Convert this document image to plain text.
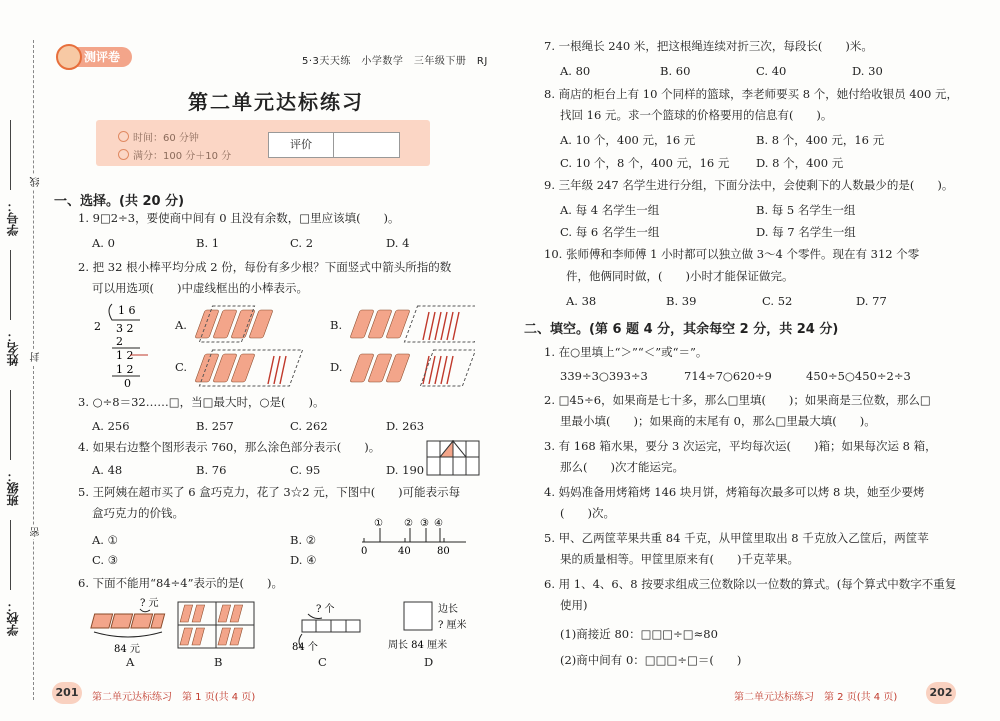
学号：
姓名：
班级：
学校：
线
封
密
测评卷	5·3天天练　小学数学　三年级下册　RJ
第二单元达标练习
时间：60 分钟
满分：100 分＋10 分
评价
一、选择。(共 20 分)
1. 9□2÷3，要使商中间有 0 且没有余数，□里应该填(　　)。
A. 0	B. 1	C. 2	D. 4
2. 把 32 根小棒平均分成 2 份，每份有多少根？下面竖式中箭头所指的数
可以用选项(　　)中虚线框出的小棒表示。
1 6
2 3 2
2
1 2
1 2
0
A.	B.
C.	D.
3. ○÷8＝32……□，当□最大时，○是(　　)。
A. 256	B. 257	C. 262	D. 263
4. 如果右边整个图形表示 760，那么涂色部分表示(　　)。
A. 48	B. 76	C. 95	D. 190
5. 王阿姨在超市买了 6 盒巧克力，花了 3☆2 元，下图中(　　)可能表示每
盒巧克力的价钱。
A. ①	B. ②
C. ③	D. ④
① ② ③ ④
0	40	80
6. 下面不能用“84÷4”表示的是(　　)。
? 元
84 元
? 个
84 个
边长
? 厘米
周长 84 厘米
A	B	C	D
201	第二单元达标练习　第 1 页(共 4 页)
7. 一根绳长 240 米，把这根绳连续对折三次，每段长(　　)米。
A. 80	B. 60	C. 40	D. 30
8. 商店的柜台上有 10 个同样的篮球，李老师要买 8 个，她付给收银员 400 元，
找回 16 元。求一个篮球的价格要用的信息有(　　)。
A. 10 个，400 元，16 元	B. 8 个，400 元，16 元
C. 10 个，8 个，400 元，16 元 D. 8 个，400 元
9. 三年级 247 名学生进行分组，下面分法中，会使剩下的人数最少的是(　　)。
A. 每 4 名学生一组	B. 每 5 名学生一组
C. 每 6 名学生一组	D. 每 7 名学生一组
10. 张师傅和李师傅 1 小时都可以独立做 3～4 个零件。现在有 312 个零
件，他俩同时做，(　　)小时才能保证做完。
A. 38	B. 39	C. 52	D. 77
二、填空。(第 6 题 4 分，其余每空 2 分，共 24 分)
1. 在○里填上“＞”“＜”或“＝”。
339÷3○393÷3	714÷7○620÷9	450÷5○450÷2÷3
2. □45÷6，如果商是七十多，那么□里填(　　)；如果商是三位数，那么□
里最小填(　　)；如果商的末尾有 0，那么□里最大填(　　)。
3. 有 168 箱水果，要分 3 次运完，平均每次运(　　)箱；如果每次运 8 箱，
那么(　　)次才能运完。
4. 妈妈准备用烤箱烤 146 块月饼，烤箱每次最多可以烤 8 块，她至少要烤
(　　)次。
5. 甲、乙两筐苹果共重 84 千克，从甲筐里取出 8 千克放入乙筐后，两筐苹
果的质量相等。甲筐里原来有(　　)千克苹果。
6. 用 1、4、6、8 按要求组成三位数除以一位数的算式。(每个算式中数字不重复
使用)
(1)商接近 80：□□□÷□≈80
(2)商中间有 0：□□□÷□＝(　　)
第二单元达标练习　第 2 页(共 4 页)	202
